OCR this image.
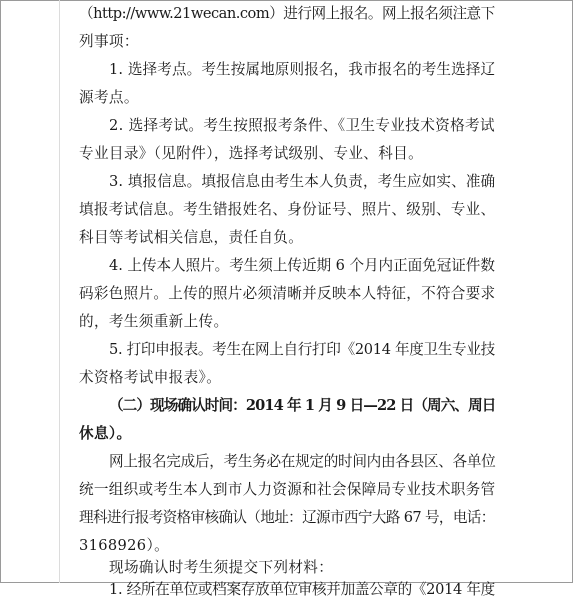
（http://www.21wecan.com）进行网上报名。网上报名须注意下
列事项：
1. 选择考点。考生按属地原则报名，我市报名的考生选择辽
源考点。
2. 选择考试。考生按照报考条件、《卫生专业技术资格考试
专业目录》（见附件），选择考试级别、专业、科目。
3. 填报信息。填报信息由考生本人负责，考生应如实、准确
填报考试信息。考生错报姓名、身份证号、照片、级别、专业、
科目等考试相关信息，责任自负。
4. 上传本人照片。考生须上传近期 6 个月内正面免冠证件数
码彩色照片。上传的照片必须清晰并反映本人特征，不符合要求
的，考生须重新上传。
5. 打印申报表。考生在网上自行打印《2014 年度卫生专业技
术资格考试申报表》。
（二）现场确认时间：2014 年 1 月 9 日—22 日（周六、周日
休息）。
网上报名完成后，考生务必在规定的时间内由各县区、各单位
统一组织或考生本人到市人力资源和社会保障局专业技术职务管
理科进行报考资格审核确认（地址：辽源市西宁大路 67 号，电话：
3168926）。
现场确认时考生须提交下列材料：
1. 经所在单位或档案存放单位审核并加盖公章的《2014 年度
